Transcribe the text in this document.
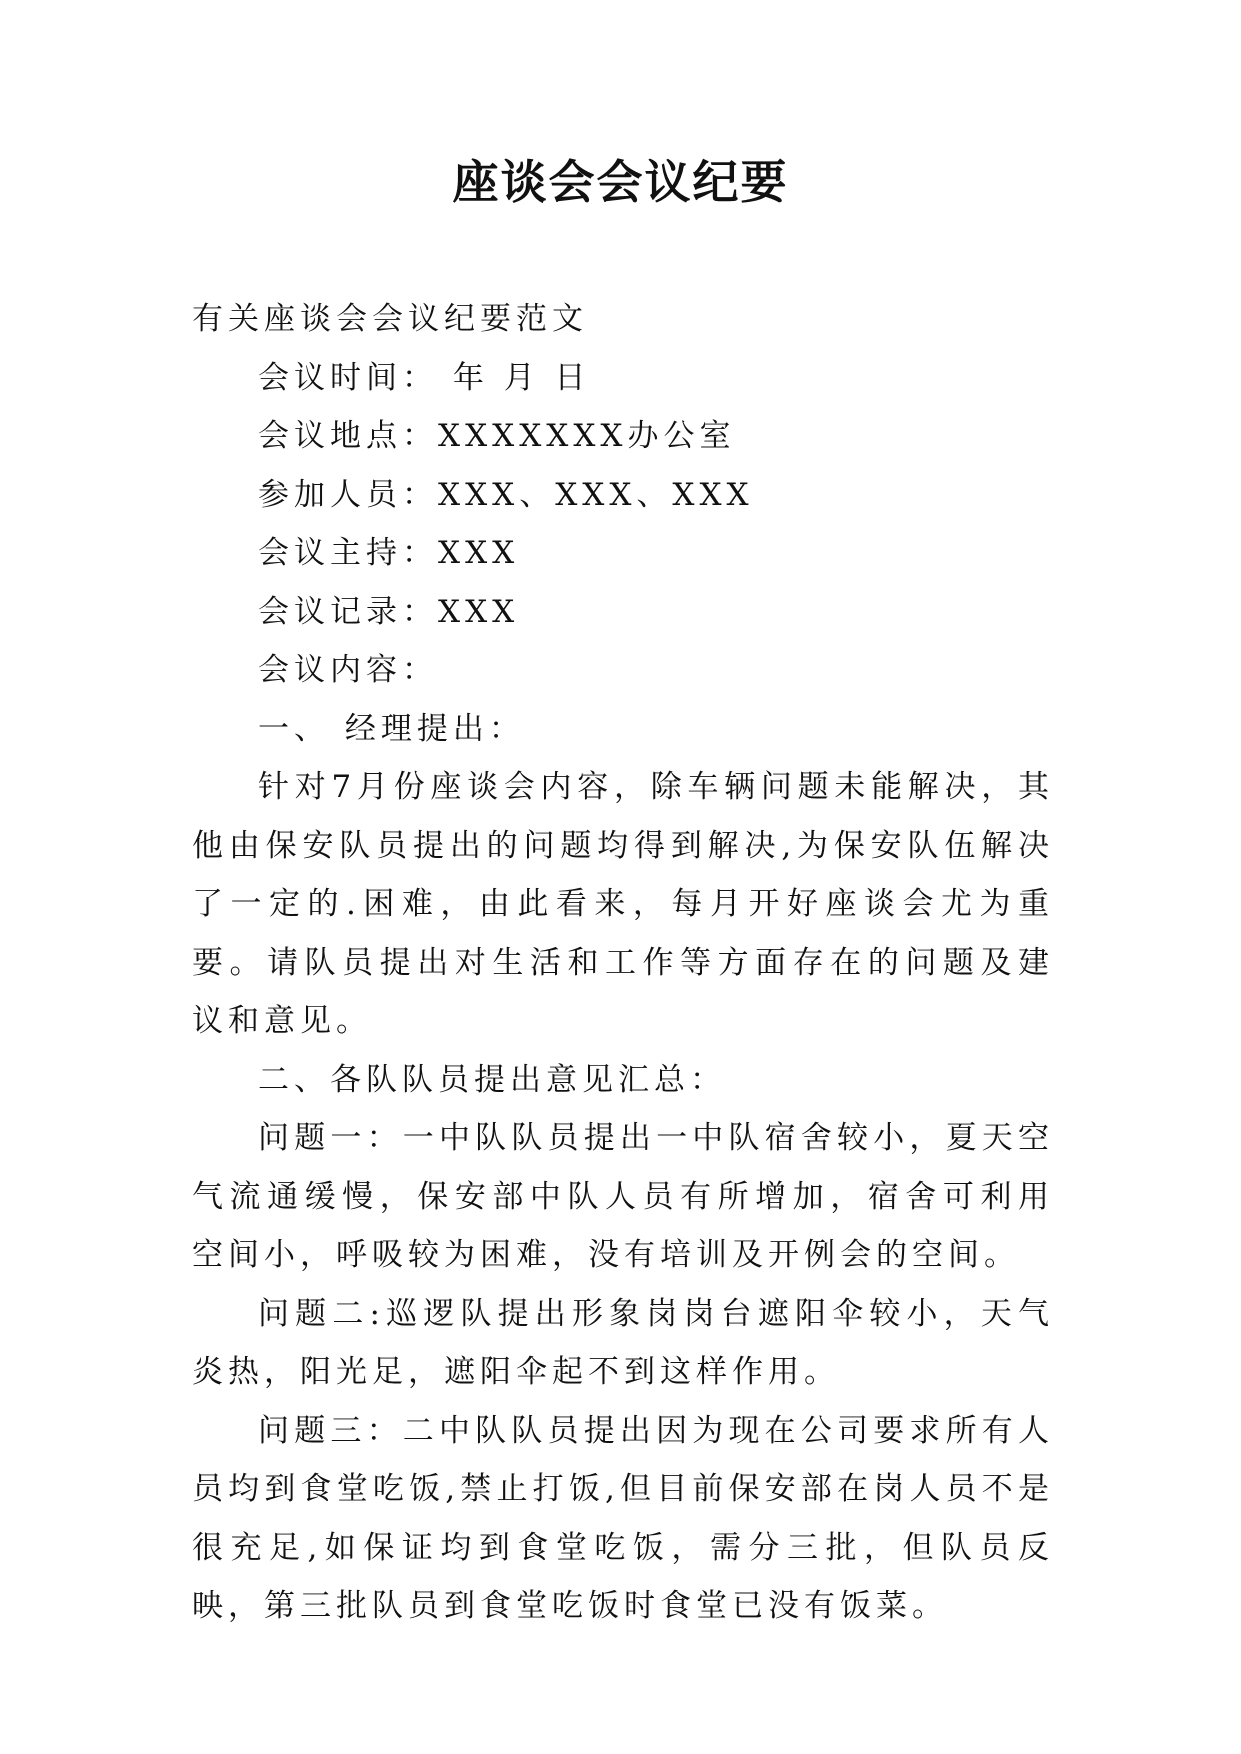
座谈会会议纪要

有关座谈会会议纪要范文

会议时间： 年 月 日

会议地点：XXXXXXX办公室

参加人员：XXX、XXX、XXX

会议主持：XXX

会议记录：XXX

会议内容：

一、 经理提出：

针对7月份座谈会内容，除车辆问题未能解决，其他由保安队员提出的问题均得到解决,为保安队伍解决了一定的.困难，由此看来，每月开好座谈会尤为重要。请队员提出对生活和工作等方面存在的问题及建议和意见。

二、各队队员提出意见汇总：

问题一：一中队队员提出一中队宿舍较小，夏天空气流通缓慢，保安部中队人员有所增加，宿舍可利用空间小，呼吸较为困难，没有培训及开例会的空间。

问题二:巡逻队提出形象岗岗台遮阳伞较小，天气炎热，阳光足，遮阳伞起不到这样作用。

问题三：二中队队员提出因为现在公司要求所有人员均到食堂吃饭,禁止打饭,但目前保安部在岗人员不是很充足,如保证均到食堂吃饭，需分三批，但队员反映，第三批队员到食堂吃饭时食堂已没有饭菜。
